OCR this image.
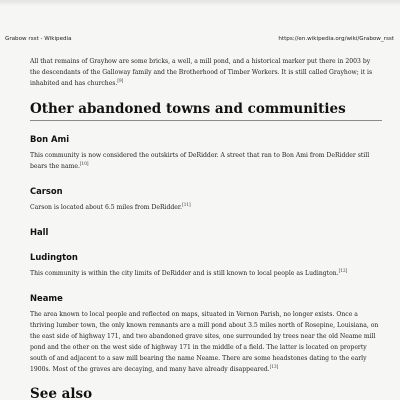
Grabow rsst - Wikipedia	https://en.wikipedia.org/wiki/Grabow_rsst

All that remains of Grayhow are some bricks, a well, a mill pond, and a historical marker put there in 2003 by the descendants of the Galloway family and the Brotherhood of Timber Workers. It is still called Grayhow; it is inhabited and has churches.[9]

Other abandoned towns and communities
Bon Ami

This community is now considered the outskirts of DeRidder. A street that ran to Bon Ami from DeRidder still bears the name.[10]

Carson

Carson is located about 6.5 miles from DeRidder.[11]

Hall
Ludington

This community is within the city limits of DeRidder and is still known to local people as Ludington.[12]

Neame

The area known to local people and reflected on maps, situated in Vernon Parish, no longer exists. Once a thriving lumber town, the only known remnants are a mill pond about 3.5 miles north of Rosepine, Louisiana, on the east side of highway 171, and two abandoned grave sites, one surrounded by trees near the old Neame mill pond and the other on the west side of highway 171 in the middle of a field. The latter is located on property south of and adjacent to a saw mill bearing the name Neame. There are some headstones dating to the early 1900s. Most of the graves are decaying, and many have already disappeared.[13]

See also
